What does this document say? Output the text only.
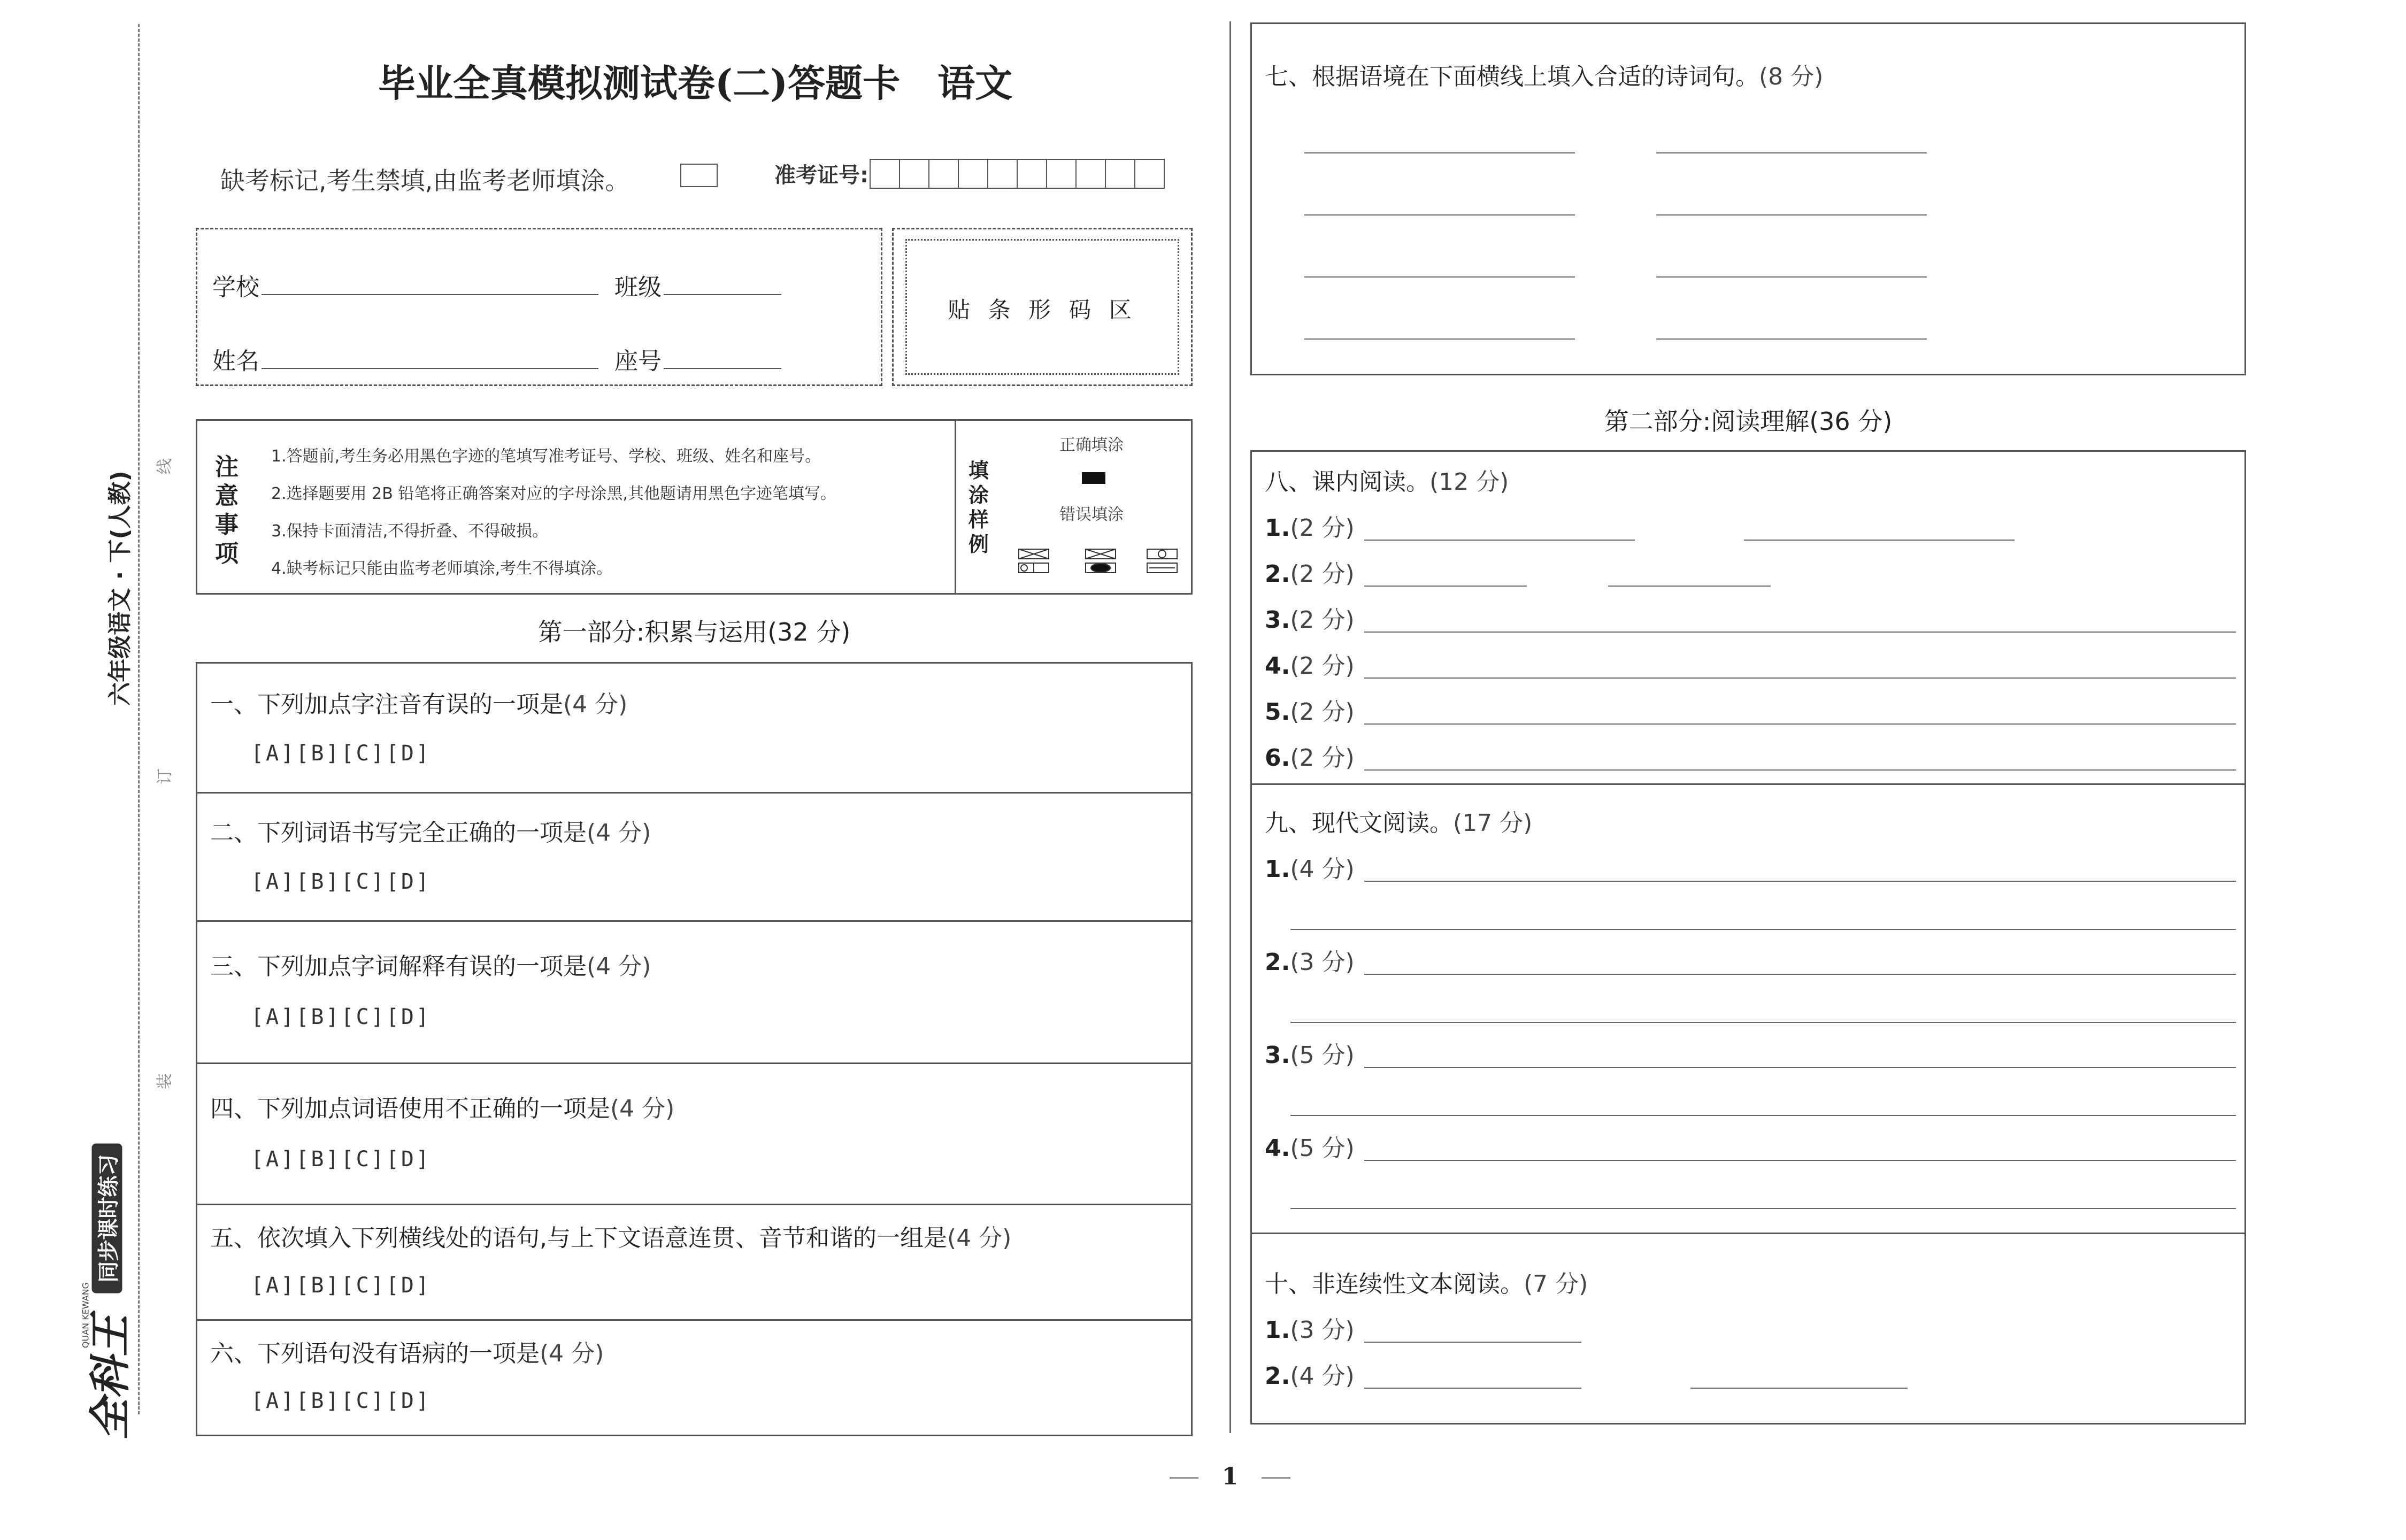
线
订
装
六年级语文 · 下(人教)
全科王
同步课时练习
QUAN KEWANG
毕业全真模拟测试卷(二)答题卡 语文
缺考标记,考生禁填,由监考老师填涂。	准考证号:
学校	班级
姓名	座号
贴 条 形 码 区
注意事项
1.答题前,考生务必用黑色字迹的笔填写准考证号、学校、班级、姓名和座号。
2.选择题要用 2B 铅笔将正确答案对应的字母涂黑,其他题请用黑色字迹笔填写。
3.保持卡面清洁,不得折叠、不得破损。
4.缺考标记只能由监考老师填涂,考生不得填涂。
填涂样例
正确填涂
错误填涂
第一部分:积累与运用(32 分)
一、下列加点字注音有误的一项是(4 分)
[A][B][C][D]
二、下列词语书写完全正确的一项是(4 分)
[A][B][C][D]
三、下列加点字词解释有误的一项是(4 分)
[A][B][C][D]
四、下列加点词语使用不正确的一项是(4 分)
[A][B][C][D]
五、依次填入下列横线处的语句,与上下文语意连贯、音节和谐的一组是(4 分)
[A][B][C][D]
六、下列语句没有语病的一项是(4 分)
[A][B][C][D]
七、根据语境在下面横线上填入合适的诗词句。(8 分)
第二部分:阅读理解(36 分)
八、课内阅读。(12 分)
1.(2 分)
2.(2 分)
3.(2 分)
4.(2 分)
5.(2 分)
6.(2 分)
九、现代文阅读。(17 分)
1.(4 分)
2.(3 分)
3.(5 分)
4.(5 分)
十、非连续性文本阅读。(7 分)
1.(3 分)
2.(4 分)
1
